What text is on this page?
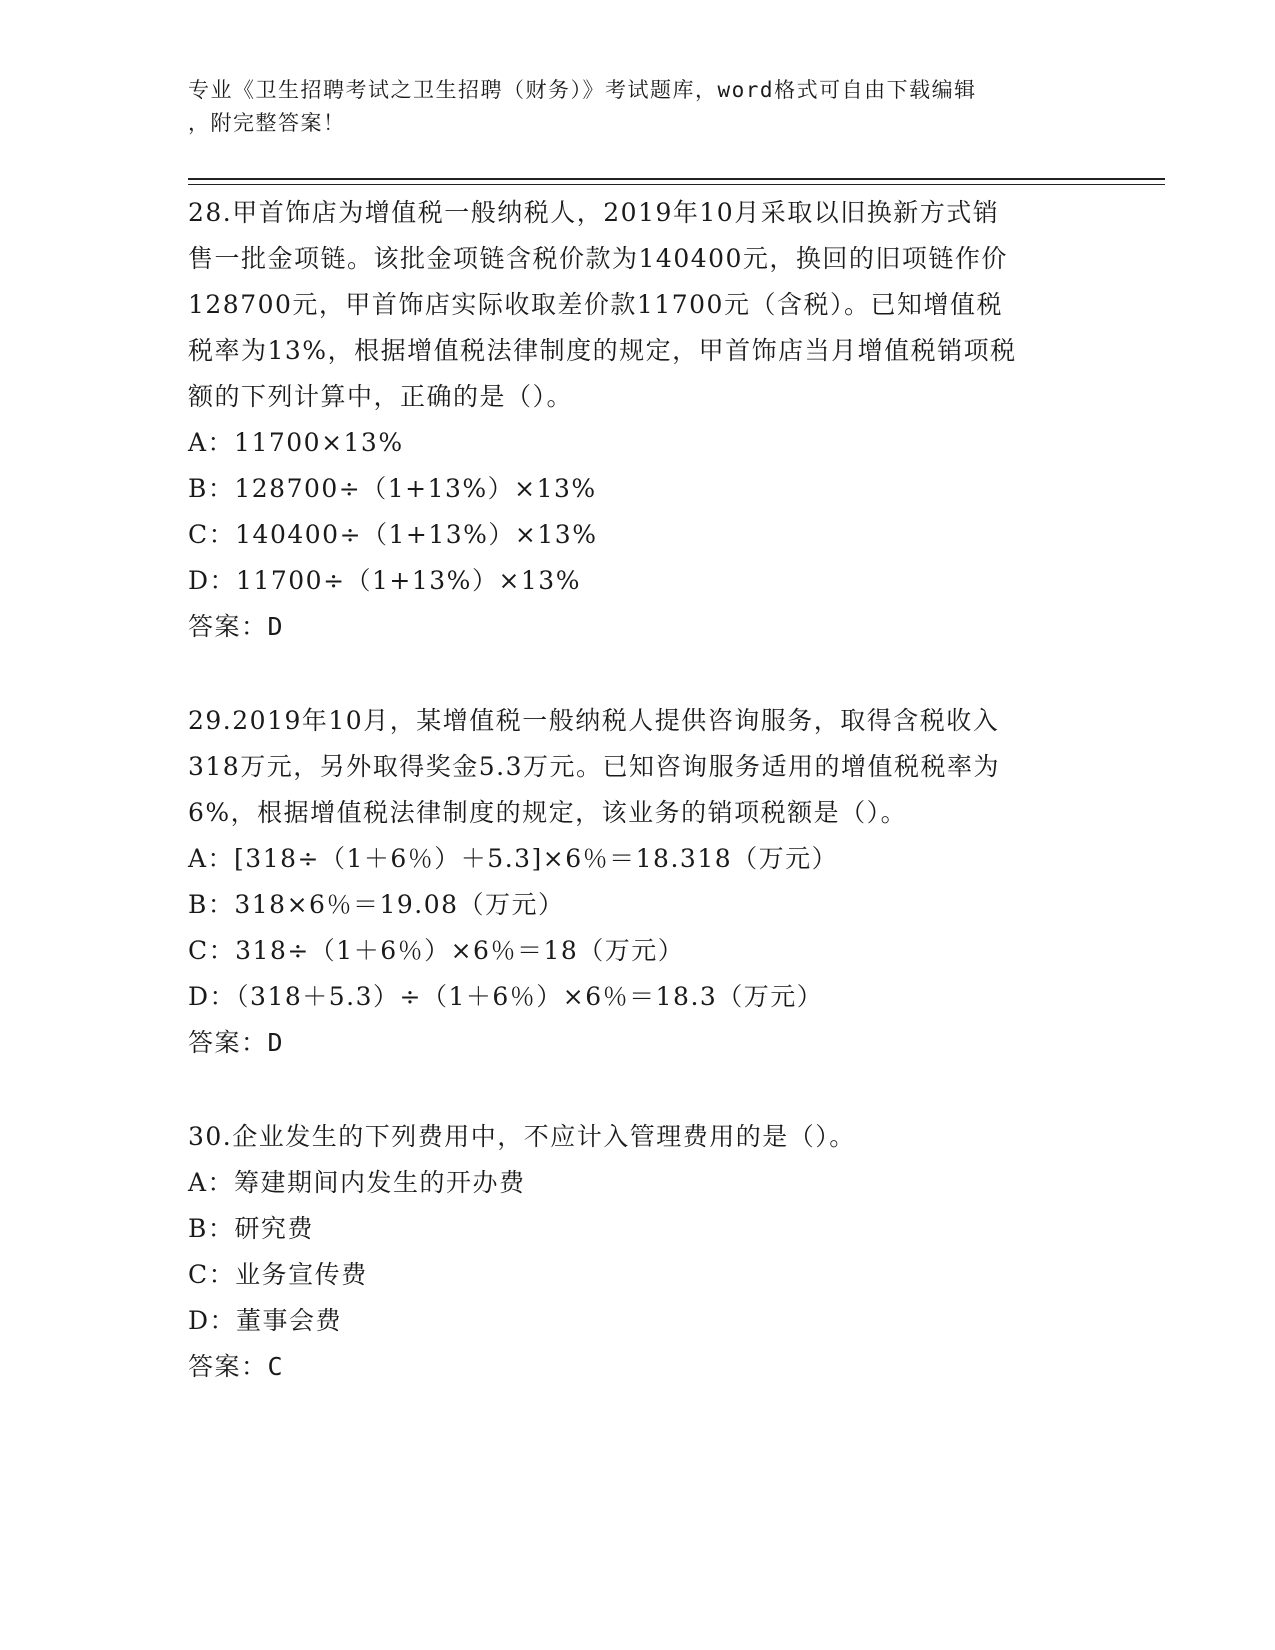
专业《卫生招聘考试之卫生招聘（财务）》考试题库，word格式可自由下载编辑
，附完整答案！
28.甲首饰店为增值税一般纳税人，2019年10月采取以旧换新方式销
售一批金项链。该批金项链含税价款为140400元，换回的旧项链作价
128700元，甲首饰店实际收取差价款11700元（含税）。已知增值税
税率为13%，根据增值税法律制度的规定，甲首饰店当月增值税销项税
额的下列计算中，正确的是（）。
A：11700×13%
B：128700÷（1+13%）×13%
C：140400÷（1+13%）×13%
D：11700÷（1+13%）×13%
答案：D
29.2019年10月，某增值税一般纳税人提供咨询服务，取得含税收入
318万元，另外取得奖金5.3万元。已知咨询服务适用的增值税税率为
6%，根据增值税法律制度的规定，该业务的销项税额是（）。
A：[318÷（1＋6％）＋5.3]×6％＝18.318（万元）
B：318×6％＝19.08（万元）
C：318÷（1＋6％）×6％＝18（万元）
D：（318＋5.3）÷（1＋6％）×6％＝18.3（万元）
答案：D
30.企业发生的下列费用中，不应计入管理费用的是（）。
A：筹建期间内发生的开办费
B：研究费
C：业务宣传费
D：董事会费
答案：C
